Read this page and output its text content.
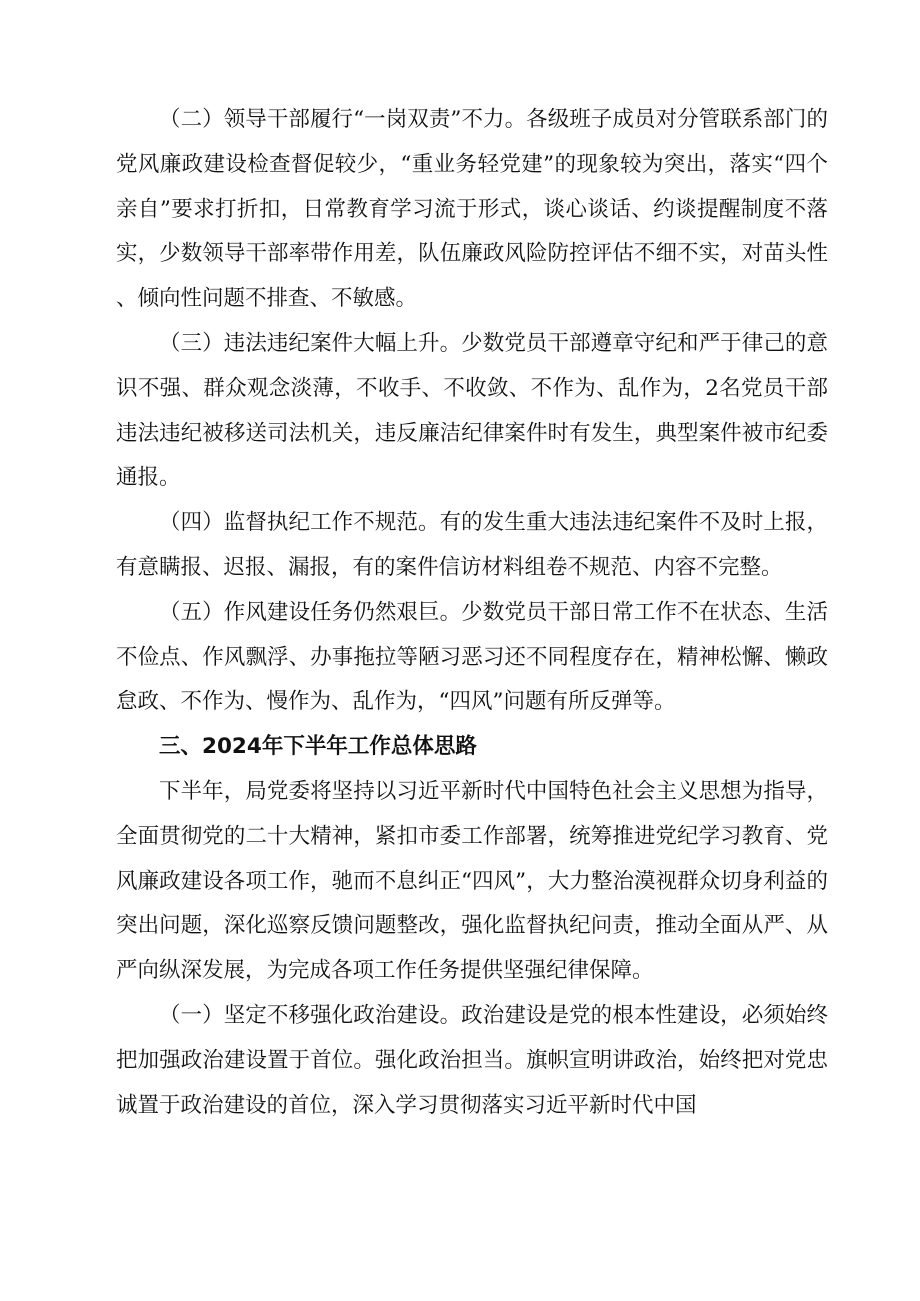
（二）领导干部履行“一岗双责”不力。各级班子成员对分管联系部门的党风廉政建设检查督促较少，“重业务轻党建”的现象较为突出，落实“四个亲自”要求打折扣，日常教育学习流于形式，谈心谈话、约谈提醒制度不落实，少数领导干部率带作用差，队伍廉政风险防控评估不细不实，对苗头性、倾向性问题不排查、不敏感。

（三）违法违纪案件大幅上升。少数党员干部遵章守纪和严于律己的意识不强、群众观念淡薄，不收手、不收敛、不作为、乱作为，2名党员干部违法违纪被移送司法机关，违反廉洁纪律案件时有发生，典型案件被市纪委通报。

（四）监督执纪工作不规范。有的发生重大违法违纪案件不及时上报，有意瞒报、迟报、漏报，有的案件信访材料组卷不规范、内容不完整。

（五）作风建设任务仍然艰巨。少数党员干部日常工作不在状态、生活不俭点、作风飘浮、办事拖拉等陋习恶习还不同程度存在，精神松懈、懒政怠政、不作为、慢作为、乱作为，“四风”问题有所反弹等。

三、2024年下半年工作总体思路

下半年，局党委将坚持以习近平新时代中国特色社会主义思想为指导，全面贯彻党的二十大精神，紧扣市委工作部署，统筹推进党纪学习教育、党风廉政建设各项工作，驰而不息纠正“四风”，大力整治漠视群众切身利益的突出问题，深化巡察反馈问题整改，强化监督执纪问责，推动全面从严、从严向纵深发展，为完成各项工作任务提供坚强纪律保障。

（一）坚定不移强化政治建设。政治建设是党的根本性建设，必须始终把加强政治建设置于首位。强化政治担当。旗帜宣明讲政治，始终把对党忠诚置于政治建设的首位，深入学习贯彻落实习近平新时代中国
